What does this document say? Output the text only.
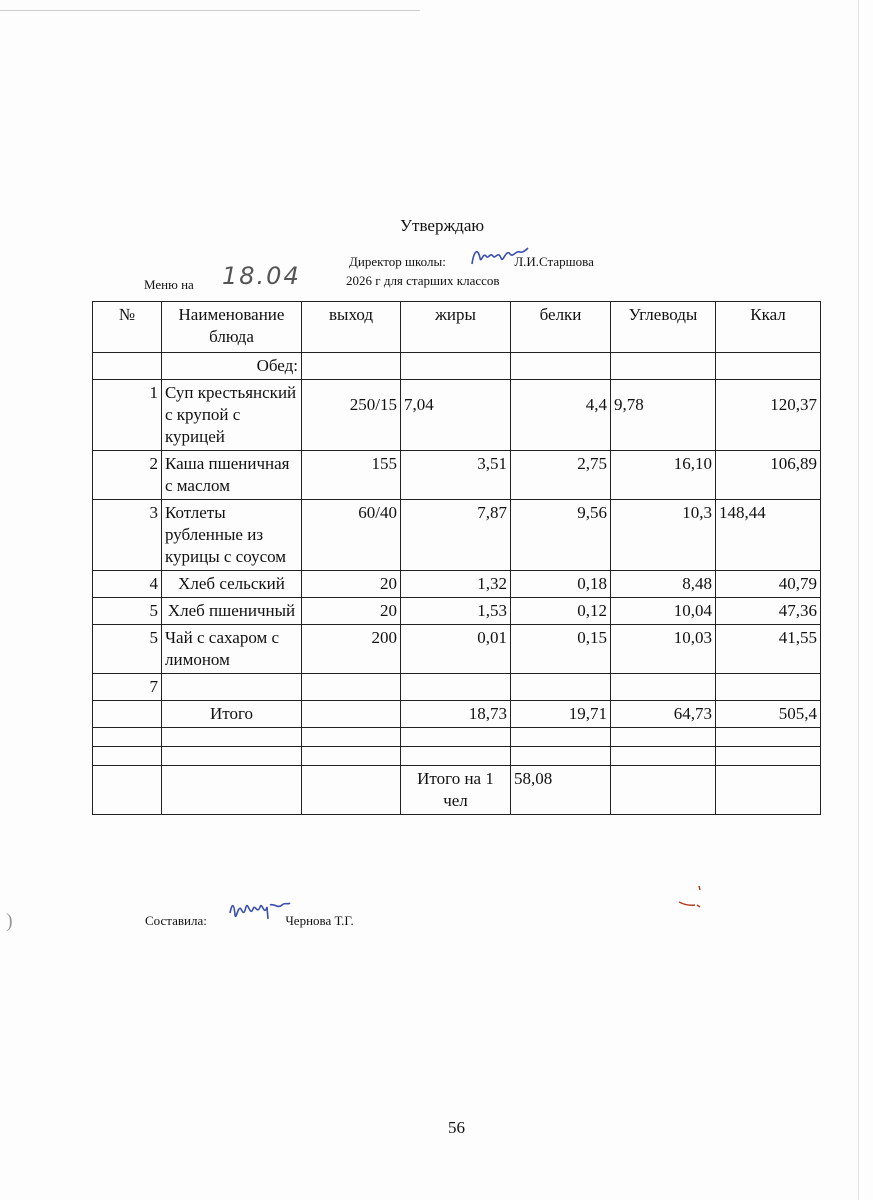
Утверждаю
Директор школы:	Л.И.Старшова
2026 г для старших классов
Меню на 18.04
№	Наименование блюда	выход	жиры	белки	Углеводы	Ккал
	Обед:					
1	Суп крестьянский с крупой с курицей	250/15	7,04	4,4	9,78	120,37
2	Каша пшеничная с маслом	155	3,51	2,75	16,10	106,89
3	Котлеты рубленные из курицы с соусом	60/40	7,87	9,56	10,3	148,44
4	Хлеб сельский	20	1,32	0,18	8,48	40,79
5	Хлеб пшеничный	20	1,53	0,12	10,04	47,36
5	Чай с сахаром с лимоном	200	0,01	0,15	10,03	41,55
7						
	Итого		18,73	19,71	64,73	505,4

			Итого на 1 чел	58,08		
)	Составила:	Чернова Т.Г.
56
